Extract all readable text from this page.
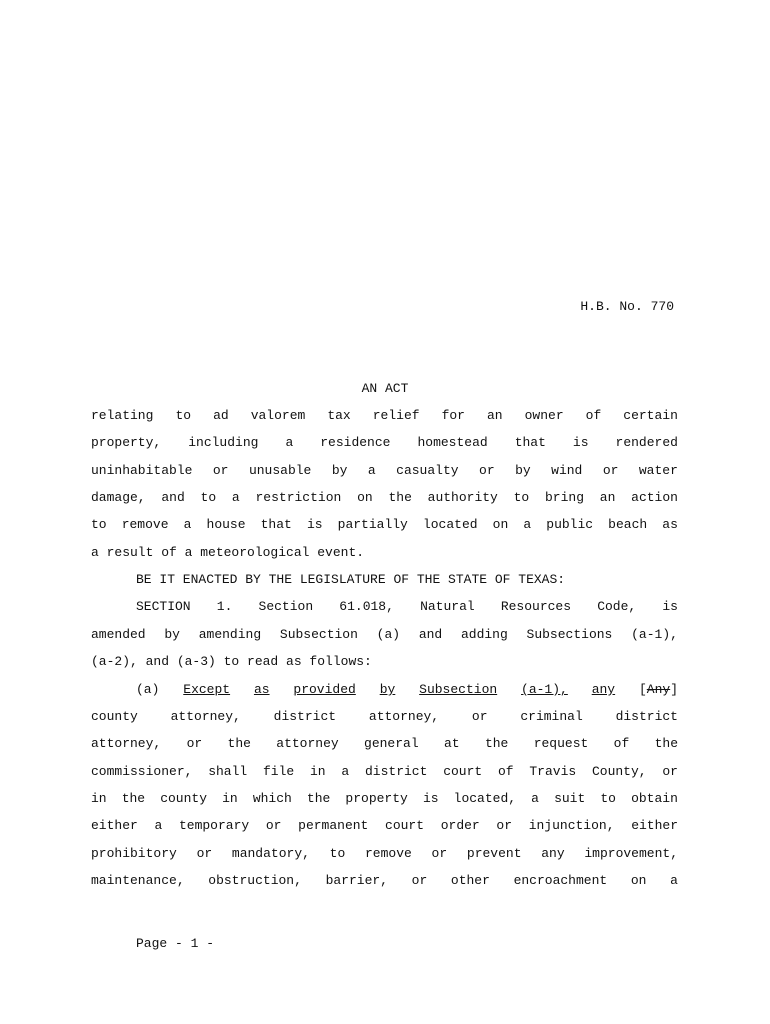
H.B. No. 770
AN ACT
relating to ad valorem tax relief for an owner of certain
property, including a residence homestead that is rendered
uninhabitable or unusable by a casualty or by wind or water
damage, and to a restriction on the authority to bring an action
to remove a house that is partially located on a public beach as
a result of a meteorological event.
BE IT ENACTED BY THE LEGISLATURE OF THE STATE OF TEXAS:
SECTION 1. Section 61.018, Natural Resources Code, is
amended by amending Subsection (a) and adding Subsections (a-1),
(a-2), and (a-3) to read as follows:
(a) Except as provided by Subsection (a-1), any [Any]
county	attorney,	district	attorney,	or	criminal	district
attorney, or the attorney general at the request of the
commissioner, shall file in a district court of Travis County, or
in the county in which the property is located, a suit to obtain
either a temporary or permanent court order or injunction, either
prohibitory or mandatory, to remove or prevent any improvement,
maintenance, obstruction, barrier, or other encroachment on a
Page - 1 -
